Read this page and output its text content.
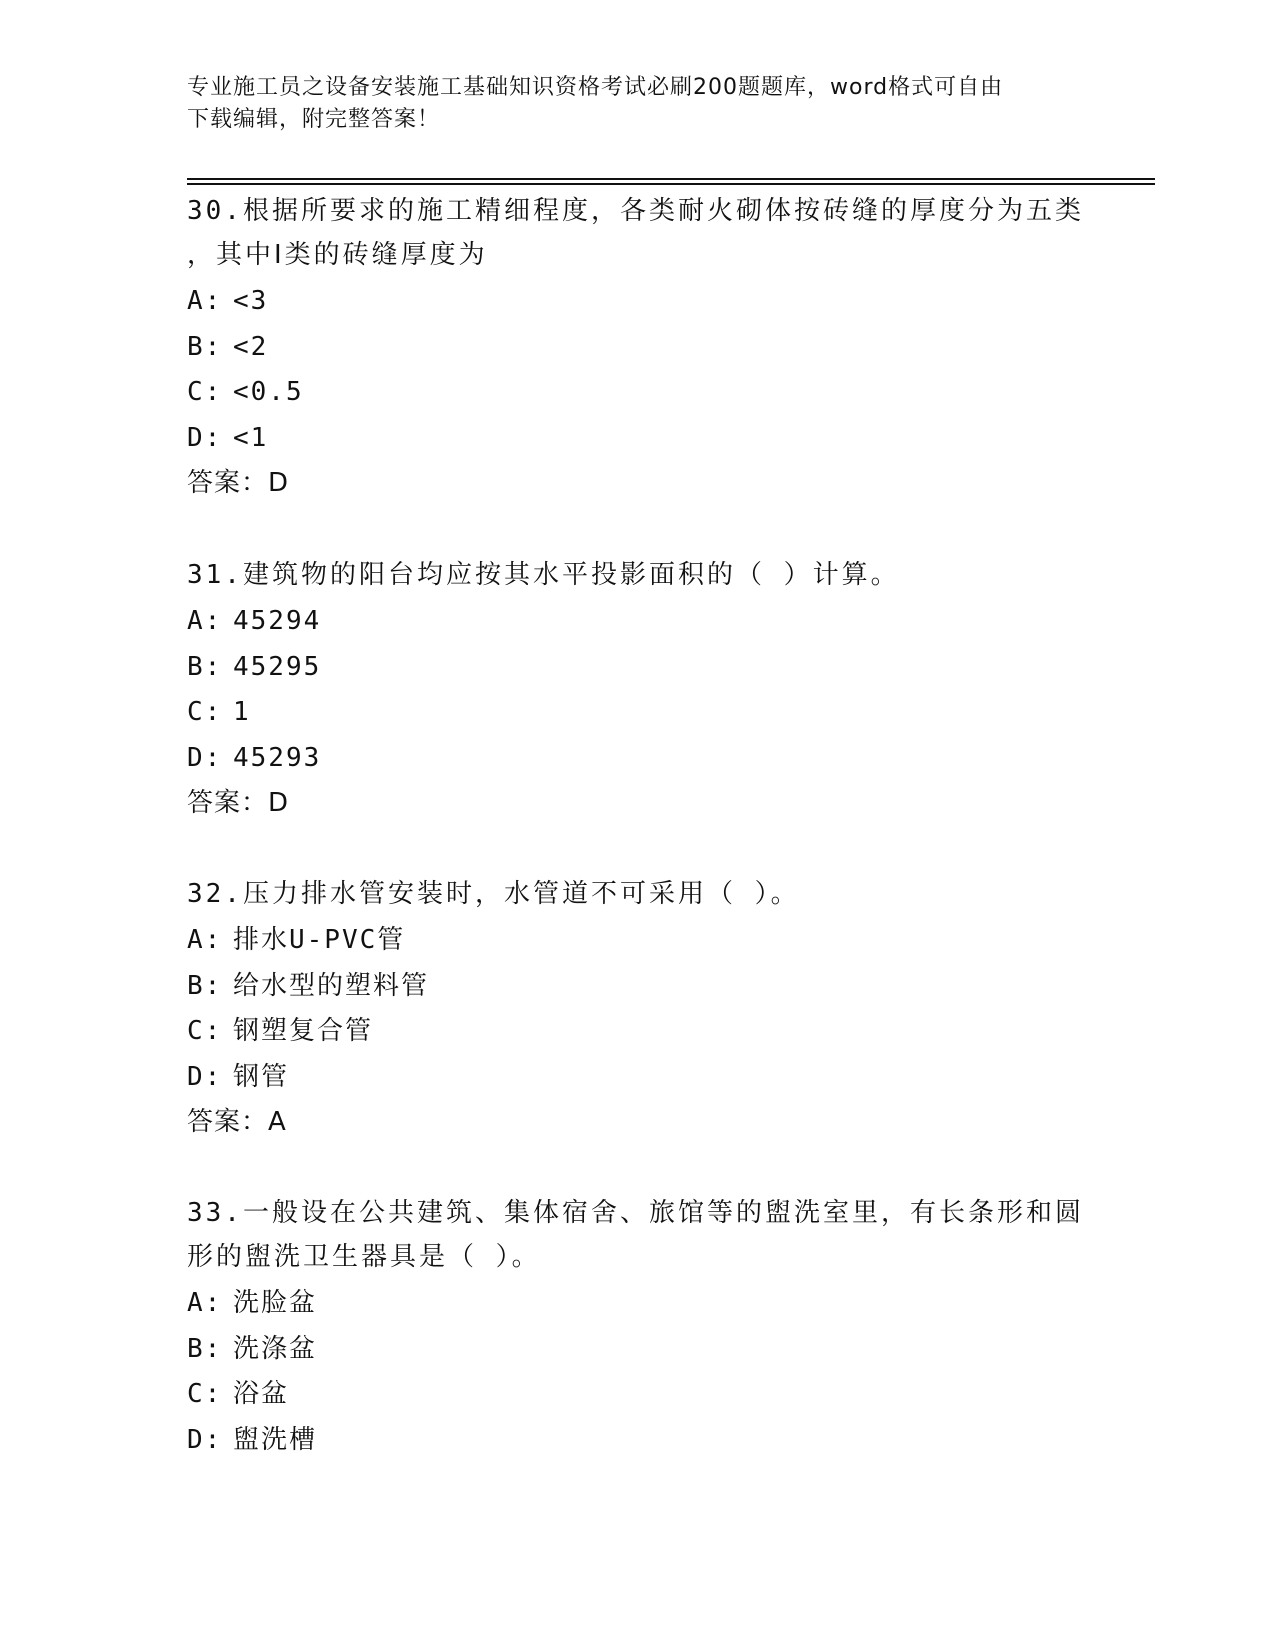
专业施工员之设备安装施工基础知识资格考试必刷200题题库，word格式可自由
下载编辑，附完整答案！
30.根据所要求的施工精细程度，各类耐火砌体按砖缝的厚度分为五类
，其中Ⅰ类的砖缝厚度为
A: <3
B: <2
C: <0.5
D: <1
答案：D
31.建筑物的阳台均应按其水平投影面积的（ ）计算。
A: 45294
B: 45295
C: 1
D: 45293
答案：D
32.压力排水管安装时，水管道不可采用（ ）。
A: 排水U-PVC管
B: 给水型的塑料管
C: 钢塑复合管
D: 钢管
答案：A
33.一般设在公共建筑、集体宿舍、旅馆等的盥洗室里，有长条形和圆
形的盥洗卫生器具是（ ）。
A: 洗脸盆
B: 洗涤盆
C: 浴盆
D: 盥洗槽
